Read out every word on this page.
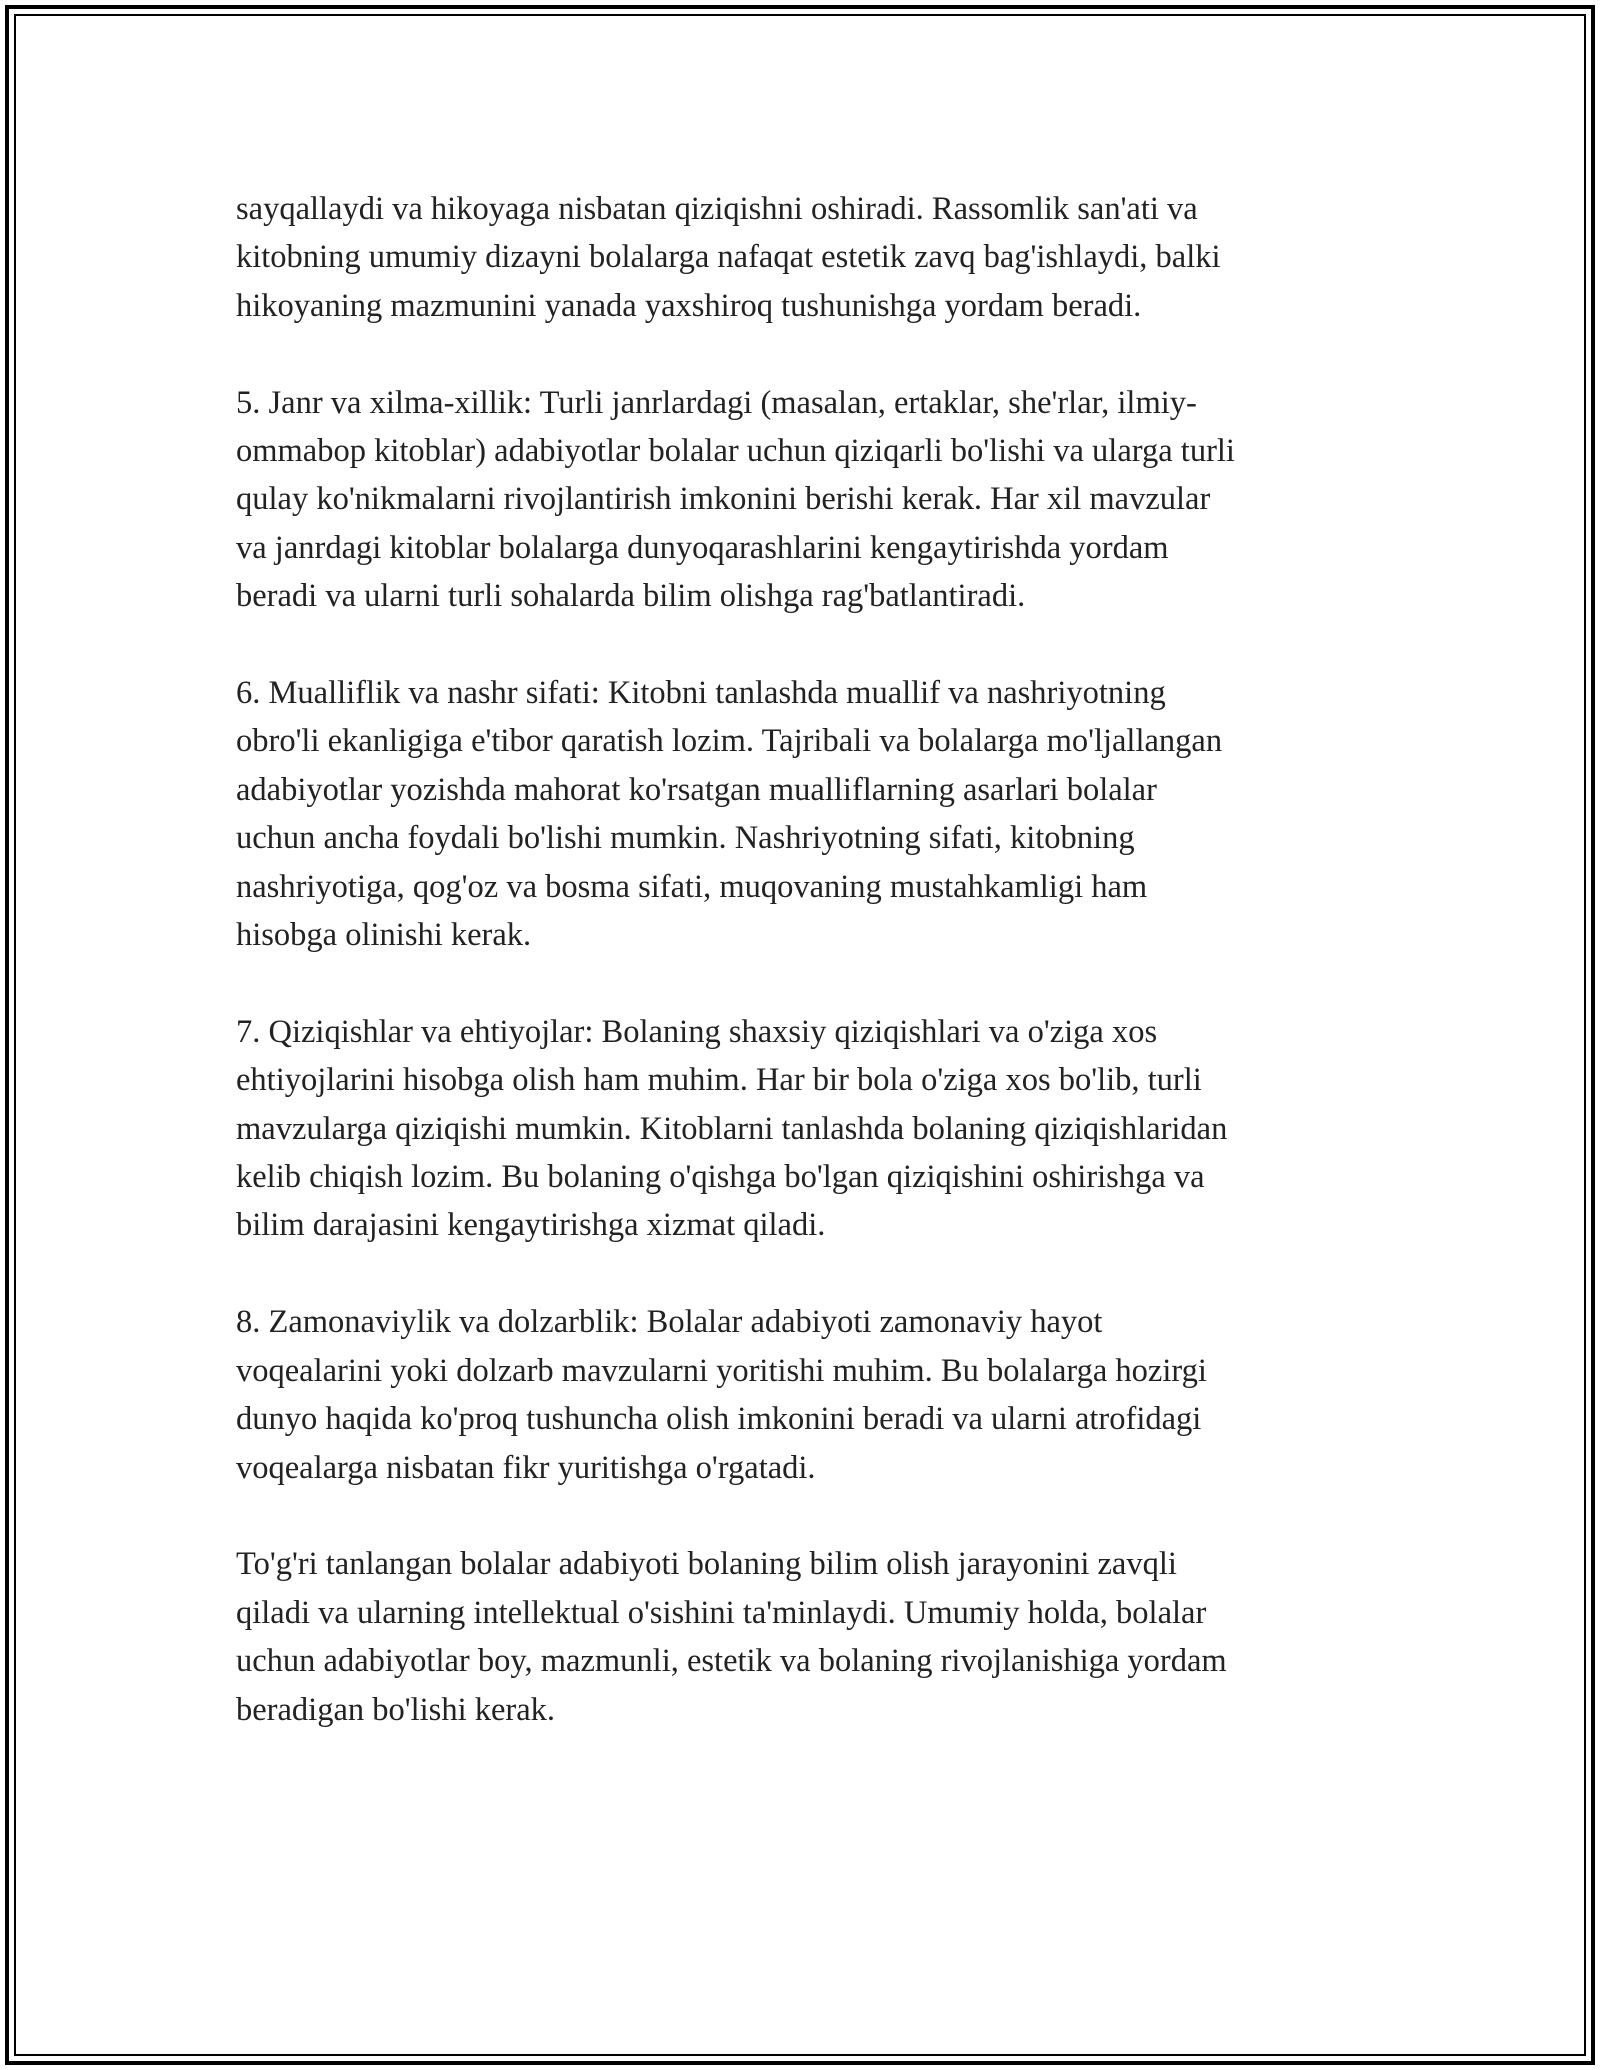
sayqallaydi va hikoyaga nisbatan qiziqishni oshiradi. Rassomlik san'ati va
kitobning umumiy dizayni bolalarga nafaqat estetik zavq bag'ishlaydi, balki
hikoyaning mazmunini yanada yaxshiroq tushunishga yordam beradi.

5. Janr va xilma-xillik: Turli janrlardagi (masalan, ertaklar, she'rlar, ilmiy-
ommabop kitoblar) adabiyotlar bolalar uchun qiziqarli bo'lishi va ularga turli
qulay ko'nikmalarni rivojlantirish imkonini berishi kerak. Har xil mavzular
va janrdagi kitoblar bolalarga dunyoqarashlarini kengaytirishda yordam
beradi va ularni turli sohalarda bilim olishga rag'batlantiradi.

6. Mualliflik va nashr sifati: Kitobni tanlashda muallif va nashriyotning
obro'li ekanligiga e'tibor qaratish lozim. Tajribali va bolalarga mo'ljallangan
adabiyotlar yozishda mahorat ko'rsatgan mualliflarning asarlari bolalar
uchun ancha foydali bo'lishi mumkin. Nashriyotning sifati, kitobning
nashriyotiga, qog'oz va bosma sifati, muqovaning mustahkamligi ham
hisobga olinishi kerak.

7. Qiziqishlar va ehtiyojlar: Bolaning shaxsiy qiziqishlari va o'ziga xos
ehtiyojlarini hisobga olish ham muhim. Har bir bola o'ziga xos bo'lib, turli
mavzularga qiziqishi mumkin. Kitoblarni tanlashda bolaning qiziqishlaridan
kelib chiqish lozim. Bu bolaning o'qishga bo'lgan qiziqishini oshirishga va
bilim darajasini kengaytirishga xizmat qiladi.

8. Zamonaviylik va dolzarblik: Bolalar adabiyoti zamonaviy hayot
voqealarini yoki dolzarb mavzularni yoritishi muhim. Bu bolalarga hozirgi
dunyo haqida ko'proq tushuncha olish imkonini beradi va ularni atrofidagi
voqealarga nisbatan fikr yuritishga o'rgatadi.

To'g'ri tanlangan bolalar adabiyoti bolaning bilim olish jarayonini zavqli
qiladi va ularning intellektual o'sishini ta'minlaydi. Umumiy holda, bolalar
uchun adabiyotlar boy, mazmunli, estetik va bolaning rivojlanishiga yordam
beradigan bo'lishi kerak.
